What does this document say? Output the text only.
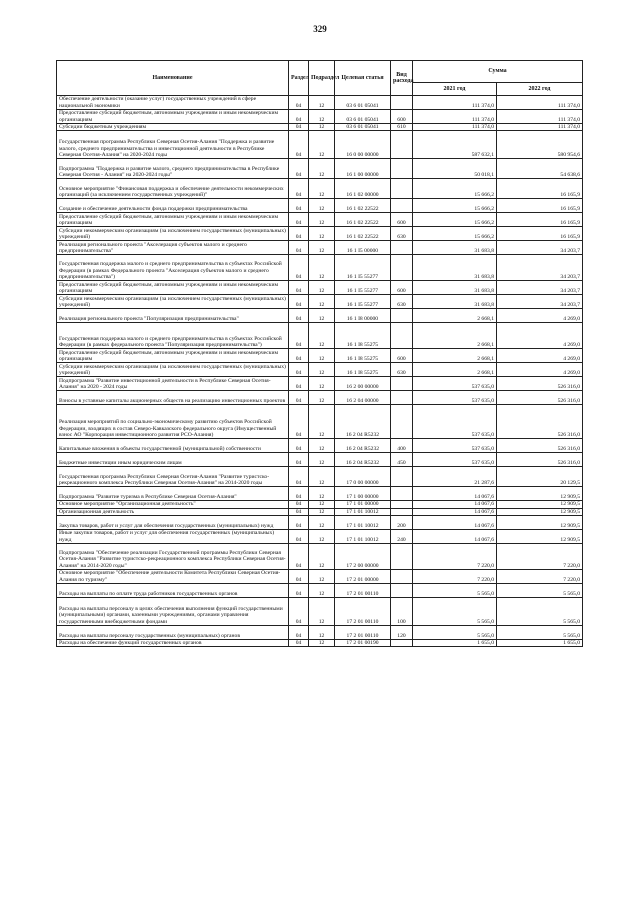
329
Наименование	Раздел	Подраздел	Целевая статья	Вид расхода	Сумма	
					2021 год	2022 год
Обеспечение деятельности (оказание услуг) государственных учреждений в сфере национальной экономики	04	12	03 6 01 05041		111 374,0	111 374,0
Предоставление субсидий бюджетным, автономным учреждениям и иным некоммерческим организациям	04	12	03 6 01 05041	600	111 374,0	111 374,0
Субсидии бюджетным учреждениям	04	12	03 6 01 05041	610	111 374,0	111 374,0
Государственная программа Республики Северная Осетия-Алания "Поддержка и развитие малого, среднего предпринимательства и инвестиционной деятельности в Республике Северная Осетия-Алания" на 2020-2024 годы	04	12	16 0 00 00000		587 632,1	580 954,6
Подпрограмма "Поддержка и развитие малого, среднего предпринимательства в Республике Северная Осетия - Алания" на 2020-2024 годы"	04	12	16 1 00 00000		50 018,1	54 638,6
Основное мероприятие "Финансовая поддержка и обеспечение деятельности некоммерческих организаций (за исключением государственных учреждений)"	04	12	16 1 02 00000		15 666,2	16 165,9
Создание и обеспечение деятельности фонда поддержки предпринимательства	04	12	16 1 02 22522		15 666,2	16 165,9
Предоставление субсидий бюджетным, автономным учреждениям и иным некоммерческим организациям	04	12	16 1 02 22522	600	15 666,2	16 165,9
Субсидии некоммерческим организациям (за исключением государственных (муниципальных) учреждений)	04	12	16 1 02 22522	630	15 666,2	16 165,9
Реализация регионального проекта "Акселерация субъектов малого и среднего предпринимательства"	04	12	16 1 I5 00000		31 683,8	34 203,7
Государственная поддержка малого и среднего предпринимательства в субъектах Российской Федерации (в рамках Федерального проекта "Акселерация субъектов малого и среднего предпринимательства")	04	12	16 1 I5 55277		31 683,8	34 203,7
Предоставление субсидий бюджетным, автономным учреждениям и иным некоммерческим организациям	04	12	16 1 I5 55277	600	31 683,8	34 203,7
Субсидии некоммерческим организациям (за исключением государственных (муниципальных) учреждений)	04	12	16 1 I5 55277	630	31 683,8	34 203,7
Реализация регионального проекта "Популяризация предпринимательства"	04	12	16 1 I8 00000		2 668,1	4 269,0
Государственная поддержка малого и среднего предпринимательства в субъектах Российской Федерации (в рамках федерального проекта "Популяризация предпринимательства")	04	12	16 1 I8 55275		2 668,1	4 269,0
Предоставление субсидий бюджетным, автономным учреждениям и иным некоммерческим организациям	04	12	16 1 I8 55275	600	2 668,1	4 269,0
Субсидии некоммерческим организациям (за исключением государственных (муниципальных) учреждений)	04	12	16 1 I8 55275	630	2 668,1	4 269,0
Подпрограмма "Развитие инвестиционной деятельности в Республике Северная Осетия-Алания" на 2020 - 2024 годы	04	12	16 2 00 00000		537 635,0	526 316,0
Взносы в уставные капиталы акционерных обществ на реализацию инвестиционных проектов	04	12	16 2 04 00000		537 635,0	526 316,0
Реализация мероприятий по социально-экономическому развитию субъектов Российской Федерации, входящих в состав Северо-Кавказского федерального округа (Имущественный взнос АО "Корпорация инвестиционного развития РСО-Алания)	04	12	16 2 04 R5232		537 635,0	526 316,0
Капитальные вложения в объекты государственной (муниципальной) собственности	04	12	16 2 04 R5232	400	537 635,0	526 316,0
Бюджетные инвестиции иным юридическим лицам	04	12	16 2 04 R5232	450	537 635,0	526 316,0
Государственная программа Республики Северная Осетия-Алания "Развитие туристско-рекреационного комплекса Республики Северная Осетия-Алания" на 2014-2020 годы	04	12	17 0 00 00000		21 287,6	20 129,5
Подпрограмма "Развитие туризма в Республике Северная Осетия-Алания"	04	12	17 1 00 00000		14 067,6	12 909,5
Основное мероприятие "Организационная деятельность"	04	12	17 1 01 00000		14 067,6	12 909,5
Организационная деятельность	04	12	17 1 01 10012		14 067,6	12 909,5
Закупка товаров, работ и услуг для обеспечения государственных (муниципальных) нужд	04	12	17 1 01 10012	200	14 067,6	12 909,5
Иные закупки товаров, работ и услуг для обеспечения государственных (муниципальных) нужд	04	12	17 1 01 10012	240	14 067,6	12 909,5
Подпрограмма "Обеспечение реализации Государственной программы Республики Северная Осетия-Алания "Развитие туристско-рекреационного комплекса Республики Северная Осетия-Алания" на 2014-2020 годы"	04	12	17 2 00 00000		7 220,0	7 220,0
Основное мероприятие "Обеспечение деятельности Комитета Республики Северная Осетия-Алания по туризму"	04	12	17 2 01 00000		7 220,0	7 220,0
Расходы на выплаты по оплате труда работников государственных органов	04	12	17 2 01 00110		5 565,0	5 565,0
Расходы на выплаты персоналу в целях обеспечения выполнения функций государственными (муниципальными) органами, казенными учреждениями, органами управления государственными внебюджетными фондами	04	12	17 2 01 00110	100	5 565,0	5 565,0
Расходы на выплаты персоналу государственных (муниципальных) органов	04	12	17 2 01 00110	120	5 565,0	5 565,0
Расходы на обеспечение функций государственных органов	04	12	17 2 01 00190		1 655,0	1 655,0
